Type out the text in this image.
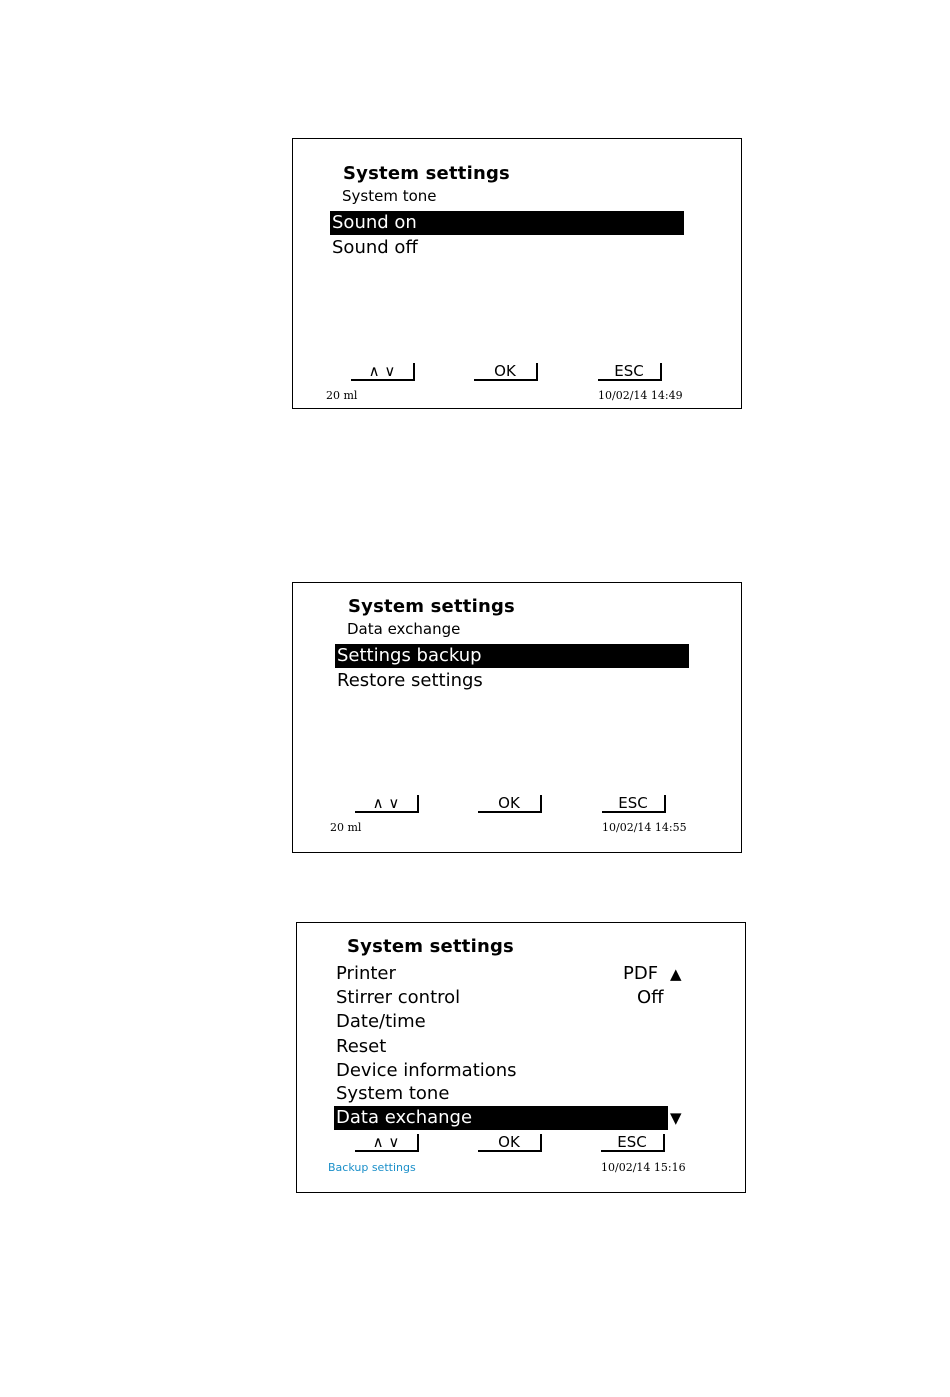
System settings
System tone
Sound on
Sound off
∧ ∨	OK	ESC
20 ml	10/02/14 14:49
System settings
Data exchange
Settings backup
Restore settings
∧ ∨	OK	ESC
20 ml	10/02/14 14:55
System settings
Printer	PDF ▲
Stirrer control	Off
Date/time
Reset
Device informations
System tone
Data exchange	▼
∧ ∨	OK	ESC
Backup settings	10/02/14 15:16
